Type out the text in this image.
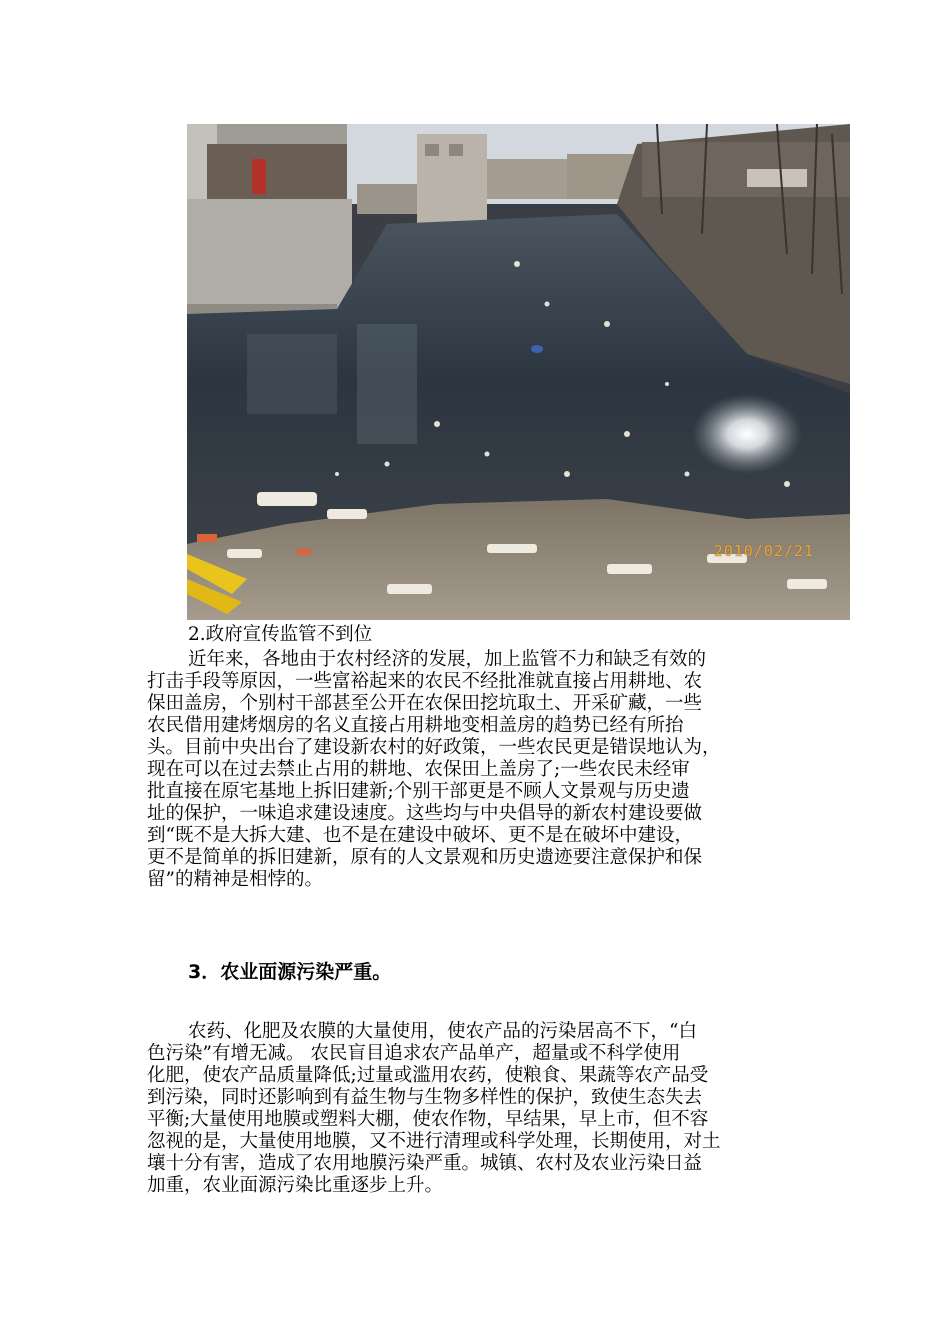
2010/02/21
2.政府宣传监管不到位
近年来，各地由于农村经济的发展，加上监管不力和缺乏有效的
打击手段等原因，一些富裕起来的农民不经批准就直接占用耕地、农
保田盖房，个别村干部甚至公开在农保田挖坑取土、开采矿藏，一些
农民借用建烤烟房的名义直接占用耕地变相盖房的趋势已经有所抬
头。目前中央出台了建设新农村的好政策，一些农民更是错误地认为，
现在可以在过去禁止占用的耕地、农保田上盖房了;一些农民未经审
批直接在原宅基地上拆旧建新;个别干部更是不顾人文景观与历史遗
址的保护，一味追求建设速度。这些均与中央倡导的新农村建设要做
到“既不是大拆大建、也不是在建设中破坏、更不是在破坏中建设，
更不是简单的拆旧建新，原有的人文景观和历史遗迹要注意保护和保
留”的精神是相悖的。
3．农业面源污染严重。
农药、化肥及农膜的大量使用，使农产品的污染居高不下，“白
色污染”有增无减。 农民盲目追求农产品单产，超量或不科学使用
化肥，使农产品质量降低;过量或滥用农药，使粮食、果蔬等农产品受
到污染，同时还影响到有益生物与生物多样性的保护，致使生态失去
平衡;大量使用地膜或塑料大棚，使农作物，早结果，早上市，但不容
忽视的是，大量使用地膜，又不进行清理或科学处理，长期使用，对土
壤十分有害，造成了农用地膜污染严重。城镇、农村及农业污染日益
加重，农业面源污染比重逐步上升。
